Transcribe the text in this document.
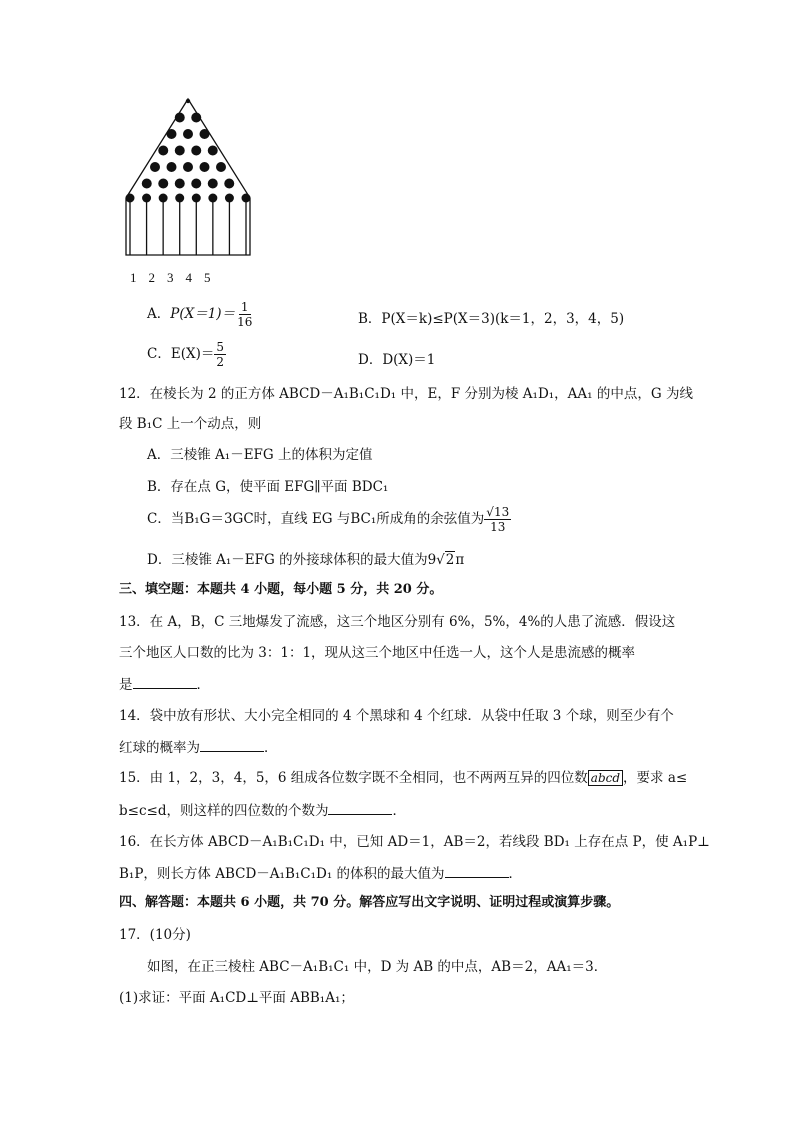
1 2 3 4 5
A．$P(X=1)= \frac{1}{16}$	B．P(X＝k)≤P(X＝3)(k＝1，2，3，4，5)
C．$E(X)= \frac{5}{2}$	D．D(X)＝1
12．在棱长为 2 的正方体 ABCD－A₁B₁C₁D₁ 中，E，F 分别为棱 A₁D₁，AA₁ 的中点，G 为线
段 B₁C 上一个动点，则
A．三棱锥 A₁－EFG 上的体积为定值
B．存在点 G，使平面 EFG∥平面 BDC₁
C．当B₁G＝3GC时，直线 EG 与BC₁所成角的余弦值为 $\frac{√13}{13}$
D．三棱锥 A₁－EFG 的外接球体积的最大值为9√2π
三、填空题：本题共 4 小题，每小题 5 分，共 20 分。
13．在 A，B，C 三地爆发了流感，这三个地区分别有 6%，5%，4%的人患了流感．假设这
三个地区人口数的比为 3：1：1，现从这三个地区中任选一人，这个人是患流感的概率
是	．
14．袋中放有形状、大小完全相同的 4 个黑球和 4 个红球．从袋中任取 3 个球，则至少有个
红球的概率为	．
15．由 1，2，3，4，5，6 组成各位数字既不全相同，也不两两互异的四位数 abcd ，要求 a≤
b≤c≤d，则这样的四位数的个数为	．
16．在长方体 ABCD－A₁B₁C₁D₁ 中，已知 AD＝1，AB＝2，若线段 BD₁ 上存在点 P，使 A₁P⊥
B₁P，则长方体 ABCD－A₁B₁C₁D₁ 的体积的最大值为	．
四、解答题：本题共 6 小题，共 70 分。解答应写出文字说明、证明过程或演算步骤。
17．(10分)
如图，在正三棱柱 ABC－A₁B₁C₁ 中，D 为 AB 的中点，AB＝2，AA₁＝3．
(1)求证：平面 A₁CD⊥平面 ABB₁A₁；
